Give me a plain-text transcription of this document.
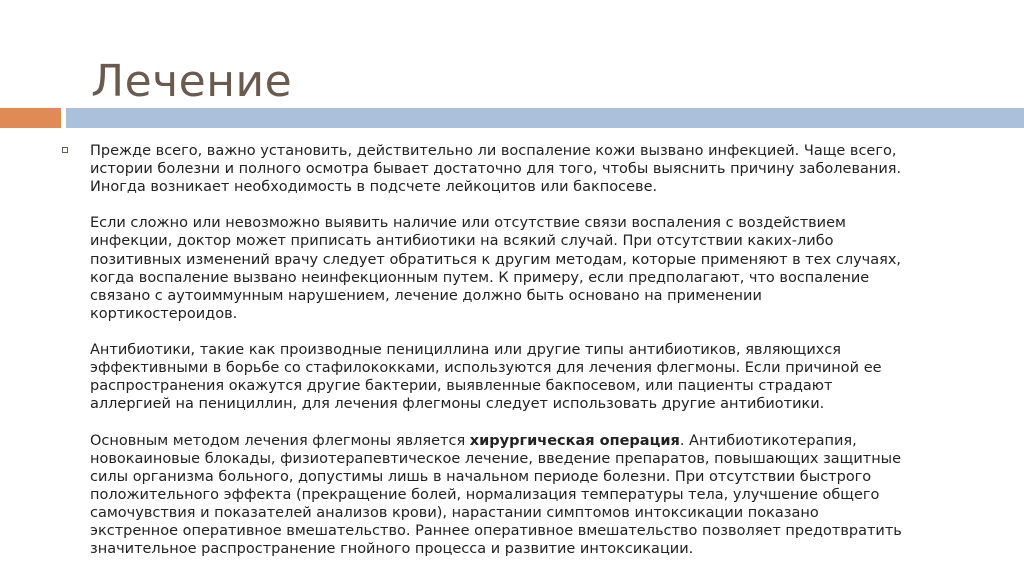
Лечение

Прежде всего, важно установить, действительно ли воспаление кожи вызвано инфекцией. Чаще всего,
истории болезни и полного осмотра бывает достаточно для того, чтобы выяснить причину заболевания.
Иногда возникает необходимость в подсчете лейкоцитов или бакпосеве.

Если сложно или невозможно выявить наличие или отсутствие связи воспаления с воздействием
инфекции, доктор может приписать антибиотики на всякий случай. При отсутствии каких-либо
позитивных изменений врачу следует обратиться к другим методам, которые применяют в тех случаях,
когда воспаление вызвано неинфекционным путем. К примеру, если предполагают, что воспаление
связано с аутоиммунным нарушением, лечение должно быть основано на применении
кортикостероидов.

Антибиотики, такие как производные пенициллина или другие типы антибиотиков, являющихся
эффективными в борьбе со стафилококками, используются для лечения флегмоны. Если причиной ее
распространения окажутся другие бактерии, выявленные бакпосевом, или пациенты страдают
аллергией на пенициллин, для лечения флегмоны следует использовать другие антибиотики.

Основным методом лечения флегмоны является хирургическая операция. Антибиотикотерапия,
новокаиновые блокады, физиотерапевтическое лечение, введение препаратов, повышающих защитные
силы организма больного, допустимы лишь в начальном периоде болезни. При отсутствии быстрого
положительного эффекта (прекращение болей, нормализация температуры тела, улучшение общего
самочувствия и показателей анализов крови), нарастании симптомов интоксикации показано
экстренное оперативное вмешательство. Раннее оперативное вмешательство позволяет предотвратить
значительное распространение гнойного процесса и развитие интоксикации.
